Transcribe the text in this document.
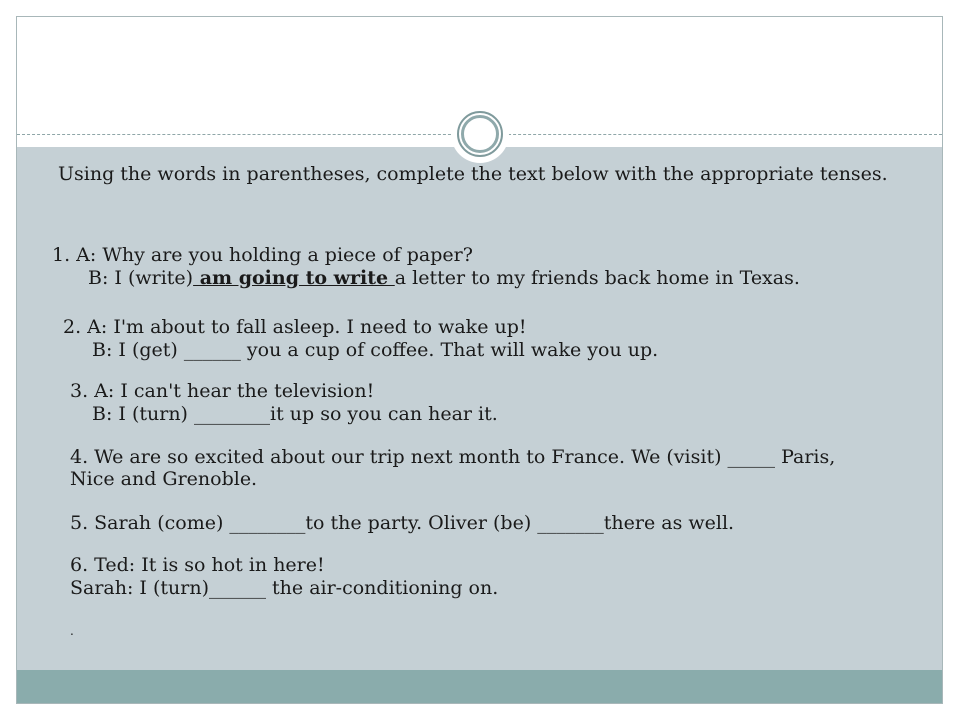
Using the words in parentheses, complete the text below with the appropriate tenses.
1. A: Why are you holding a piece of paper?
B: I (write) am going to write a letter to my friends back home in Texas.
2. A: I'm about to fall asleep. I need to wake up!
B: I (get) ______ you a cup of coffee. That will wake you up.
3. A: I can't hear the television!
B: I (turn) ________it up so you can hear it.
4. We are so excited about our trip next month to France. We (visit) _____ Paris,
Nice and Grenoble.
5. Sarah (come) ________to the party. Oliver (be) _______there as well.
6. Ted: It is so hot in here!
Sarah: I (turn)______ the air-conditioning on.
.
